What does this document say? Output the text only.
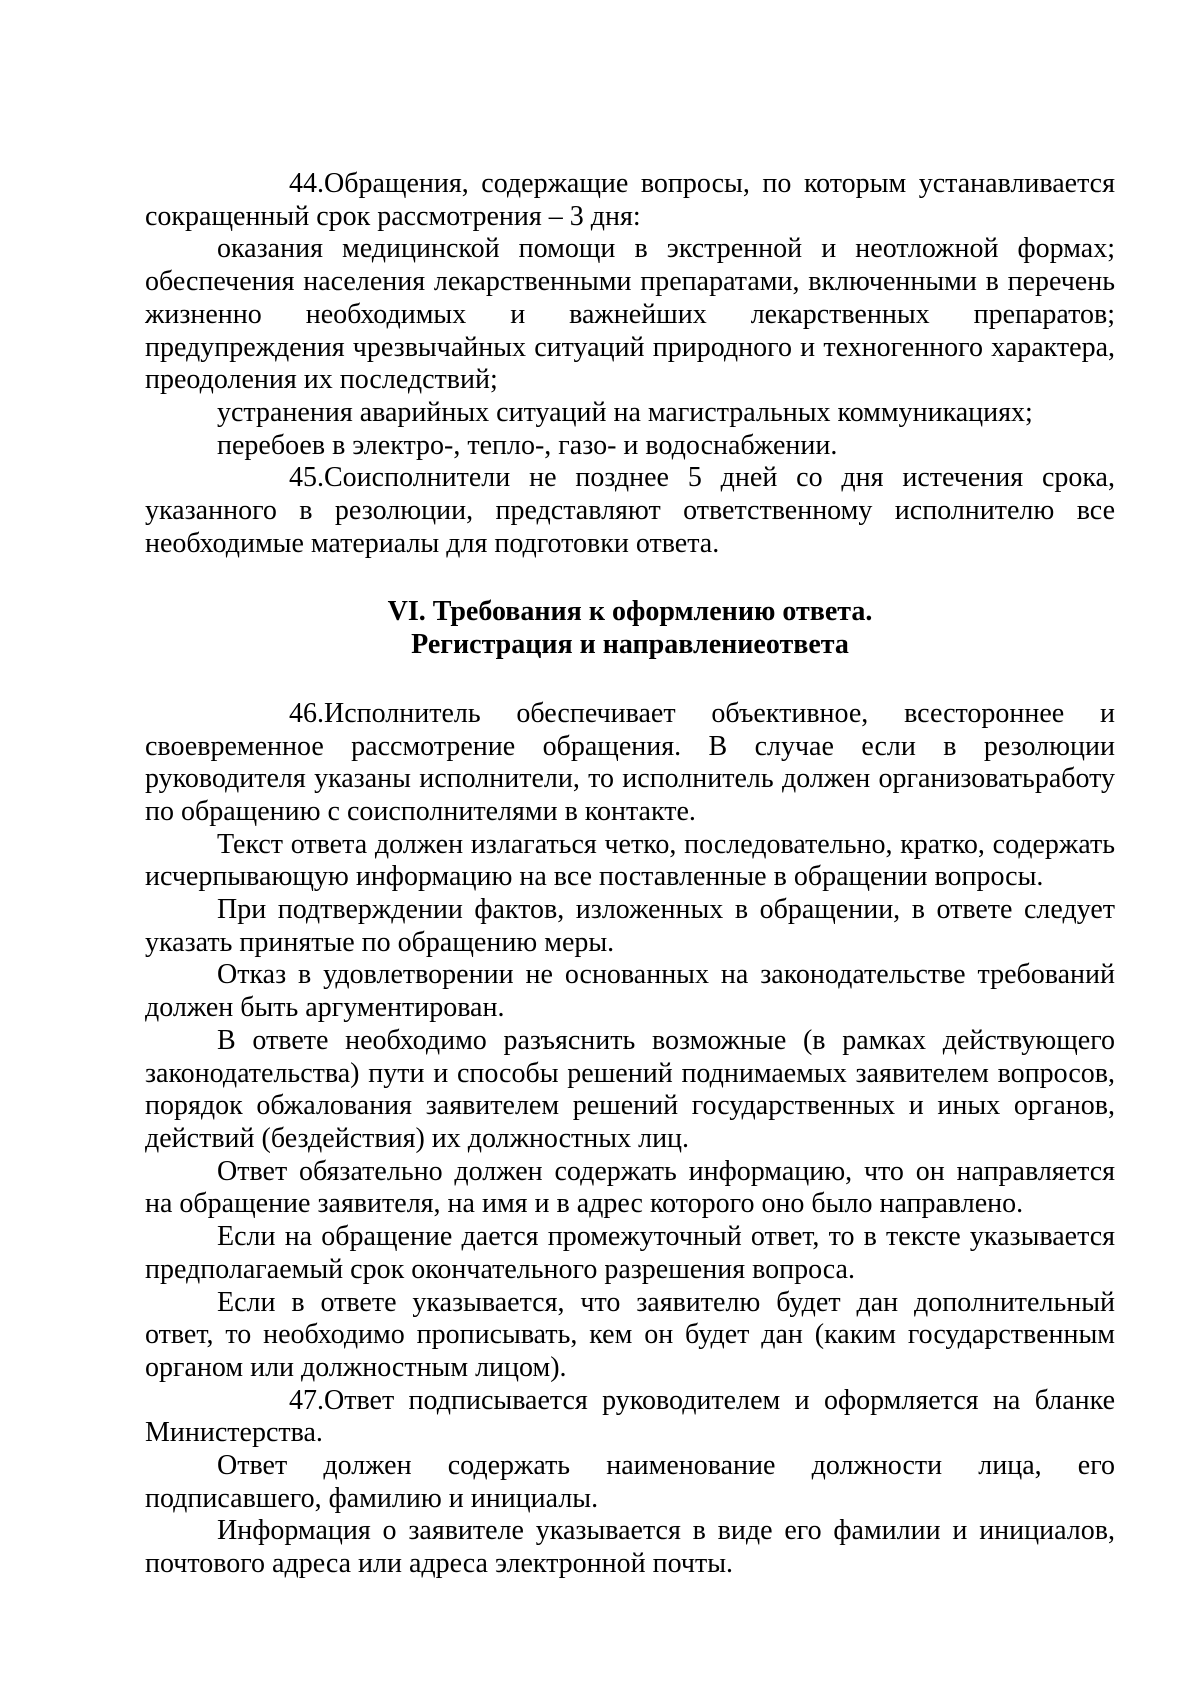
44.Обращения, содержащие вопросы, по которым устанавливается сокращенный срок рассмотрения – 3 дня:

оказания медицинской помощи в экстренной и неотложной формах; обеспечения населения лекарственными препаратами, включенными в перечень жизненно необходимых и важнейших лекарственных препаратов; предупреждения чрезвычайных ситуаций природного и техногенного характера, преодоления их последствий;

устранения аварийных ситуаций на магистральных коммуникациях;

перебоев в электро-, тепло-, газо- и водоснабжении.

45.Соисполнители не позднее 5 дней со дня истечения срока, указанного в резолюции, представляют ответственному исполнителю все необходимые материалы для подготовки ответа.

VI. Требования к оформлению ответа.

Регистрация и направлениеответа

46.Исполнитель обеспечивает объективное, всестороннее и своевременное рассмотрение обращения. В случае если в резолюции руководителя указаны исполнители, то исполнитель должен организоватьработу по обращению с соисполнителями в контакте.

Текст ответа должен излагаться четко, последовательно, кратко, содержать исчерпывающую информацию на все поставленные в обращении вопросы.

При подтверждении фактов, изложенных в обращении, в ответе следует указать принятые по обращению меры.

Отказ в удовлетворении не основанных на законодательстве требований должен быть аргументирован.

В ответе необходимо разъяснить возможные (в рамках действующего законодательства) пути и способы решений поднимаемых заявителем вопросов, порядок обжалования заявителем решений государственных и иных органов, действий (бездействия) их должностных лиц.

Ответ обязательно должен содержать информацию, что он направляется на обращение заявителя, на имя и в адрес которого оно было направлено.

Если на обращение дается промежуточный ответ, то в тексте указывается предполагаемый срок окончательного разрешения вопроса.

Если в ответе указывается, что заявителю будет дан дополнительный ответ, то необходимо прописывать, кем он будет дан (каким государственным органом или должностным лицом).

47.Ответ подписывается руководителем и оформляется на бланке Министерства.

Ответ должен содержать наименование должности лица, его подписавшего, фамилию и инициалы.

Информация о заявителе указывается в виде его фамилии и инициалов, почтового адреса или адреса электронной почты.
